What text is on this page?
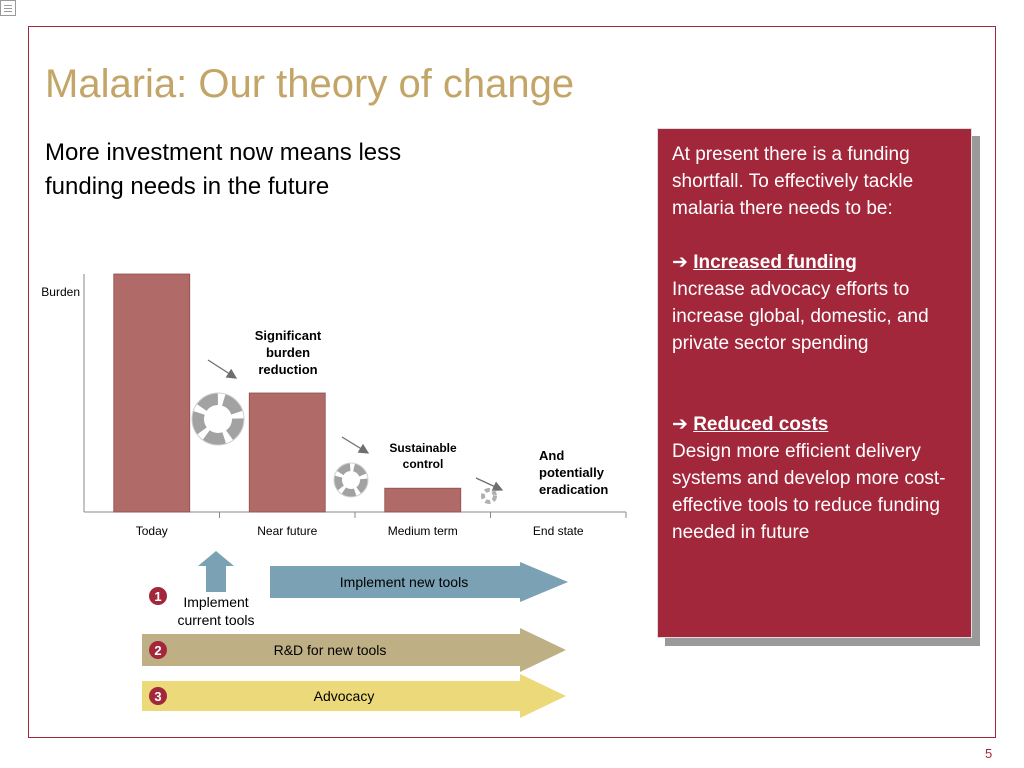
Malaria: Our theory of change
More investment now means less funding needs in the future
Burden
Today	Near future	Medium term	End state
Significant burden reduction
Sustainable control
And potentially eradication
Implement new tools
1	Implement current tools
2	R&D for new tools
3	Advocacy

At present there is a funding shortfall. To effectively tackle malaria there needs to be:

➔ Increased funding

Increase advocacy efforts to increase global, domestic, and private sector spending

➔ Reduced costs

Design more efficient delivery systems and develop more cost-effective tools to reduce funding needed in future

5
